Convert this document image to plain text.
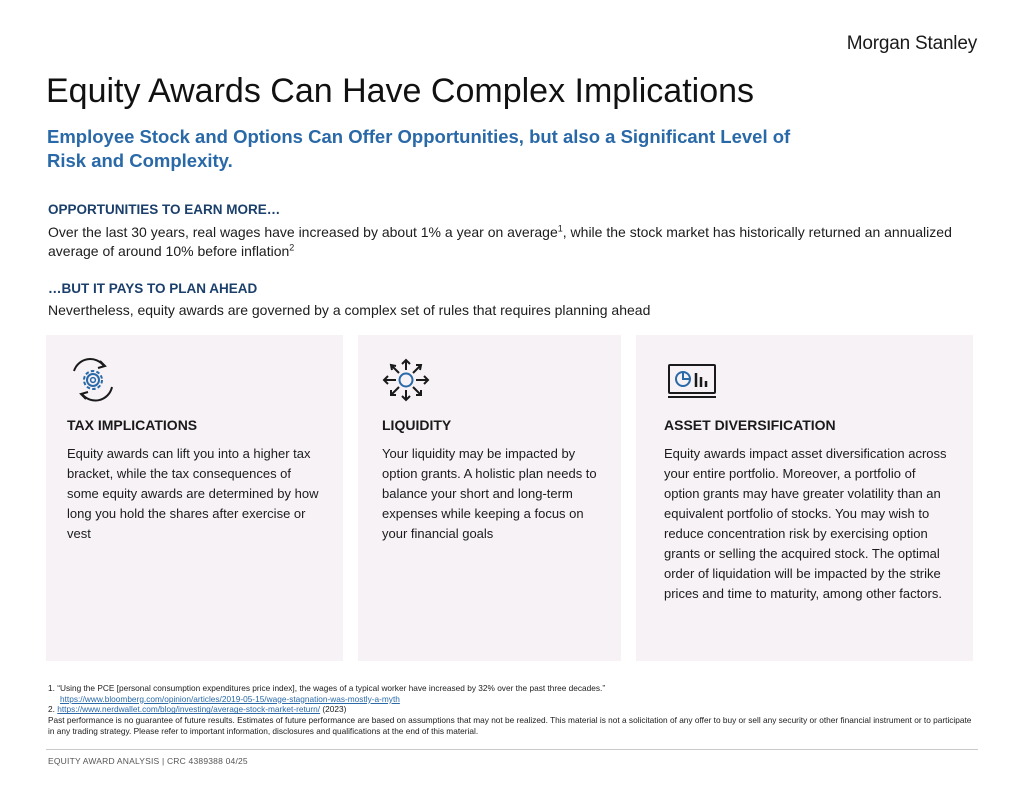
Morgan Stanley
Equity Awards Can Have Complex Implications
Employee Stock and Options Can Offer Opportunities, but also a Significant Level of Risk and Complexity.
OPPORTUNITIES TO EARN MORE…

Over the last 30 years, real wages have increased by about 1% a year on average$^1$, while the stock market has historically returned an annualized average of around 10% before inflation$^2$

…BUT IT PAYS TO PLAN AHEAD

Nevertheless, equity awards are governed by a complex set of rules that requires planning ahead

TAX IMPLICATIONS

Equity awards can lift you into a higher tax bracket, while the tax consequences of some equity awards are determined by how long you hold the shares after exercise or vest

LIQUIDITY

Your liquidity may be impacted by option grants. A holistic plan needs to balance your short and long-term expenses while keeping a focus on your financial goals

ASSET DIVERSIFICATION

Equity awards impact asset diversification across your entire portfolio. Moreover, a portfolio of option grants may have greater volatility than an equivalent portfolio of stocks. You may wish to reduce concentration risk by exercising option grants or selling the acquired stock. The optimal order of liquidation will be impacted by the strike prices and time to maturity, among other factors.

1. “Using the PCE [personal consumption expenditures price index], the wages of a typical worker have increased by 32% over the past three decades.”

https://www.bloomberg.com/opinion/articles/2019-05-15/wage-stagnation-was-mostly-a-myth

2. https://www.nerdwallet.com/blog/investing/average-stock-market-return/ (2023)

Past performance is no guarantee of future results. Estimates of future performance are based on assumptions that may not be realized. This material is not a solicitation of any offer to buy or sell any security or other financial instrument or to participate in any trading strategy. Please refer to important information, disclosures and qualifications at the end of this material.

EQUITY AWARD ANALYSIS | CRC 4389388 04/25
